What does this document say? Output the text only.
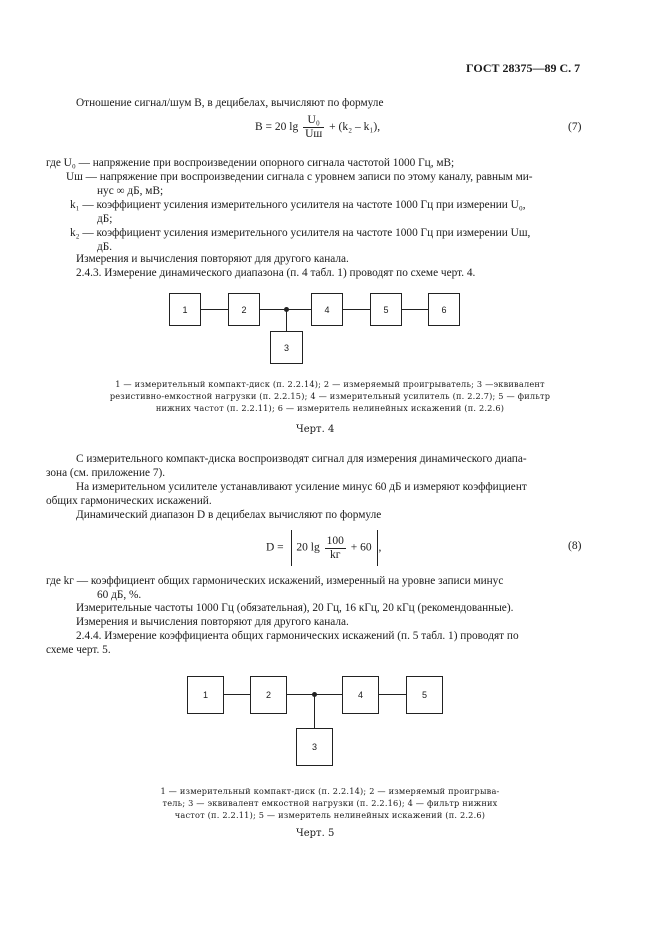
ГОСТ 28375—89 С. 7
Отношение сигнал/шум B, в децибелах, вычисляют по формуле
B = 20 $\lg \frac{\text{U₀}}{Uш} + (k_2 - k_1)$,	(7)
где U₀ — напряжение при воспроизведении опорного сигнала частотой 1000 Гц, мВ;
Uш — напряжение при воспроизведении сигнала с уровнем записи по этому каналу, равным ми-
нус ∞ дБ, мВ;
k₁ — коэффициент усиления измерительного усилителя на частоте 1000 Гц при измерении U₀,
дБ;
k₂ — коэффициент усиления измерительного усилителя на частоте 1000 Гц при измерении Uш,
дБ.
Измерения и вычисления повторяют для другого канала.
2.4.3. Измерение динамического диапазона (п. 4 табл. 1) проводят по схеме черт. 4.
1	2
3
4	5	6
1 — измерительный компакт-диск (п. 2.2.14); 2 — измеряемый проигрыватель; 3 —эквивалент
резистивно-емкостной нагрузки (п. 2.2.15); 4 — измерительный усилитель (п. 2.2.7); 5 — фильтр
нижних частот (п. 2.2.11); 6 — измеритель нелинейных искажений (п. 2.2.6)
Черт. 4
С измерительного компакт-диска воспроизводят сигнал для измерения динамического диапа-
зона (см. приложение 7).
На измерительном усилителе устанавливают усиление минус 60 дБ и измеряют коэффициент
общих гармонических искажений.
Динамический диапазон D в децибелах вычисляют по формуле
D = 20 $\lg \frac{100}{kг} + 60$ ,	(8)
где kг — коэффициент общих гармонических искажений, измеренный на уровне записи минус
60 дБ, %.
Измерительные частоты 1000 Гц (обязательная), 20 Гц, 16 кГц, 20 кГц (рекомендованные).
Измерения и вычисления повторяют для другого канала.
2.4.4. Измерение коэффициента общих гармонических искажений (п. 5 табл. 1) проводят по
схеме черт. 5.
1	2
3
4	5
1 — измерительный компакт-диск (п. 2.2.14); 2 — измеряемый проигрыва-
тель; 3 — эквивалент емкостной нагрузки (п. 2.2.16); 4 — фильтр нижних
частот (п. 2.2.11); 5 — измеритель нелинейных искажений (п. 2.2.6)
Черт. 5
